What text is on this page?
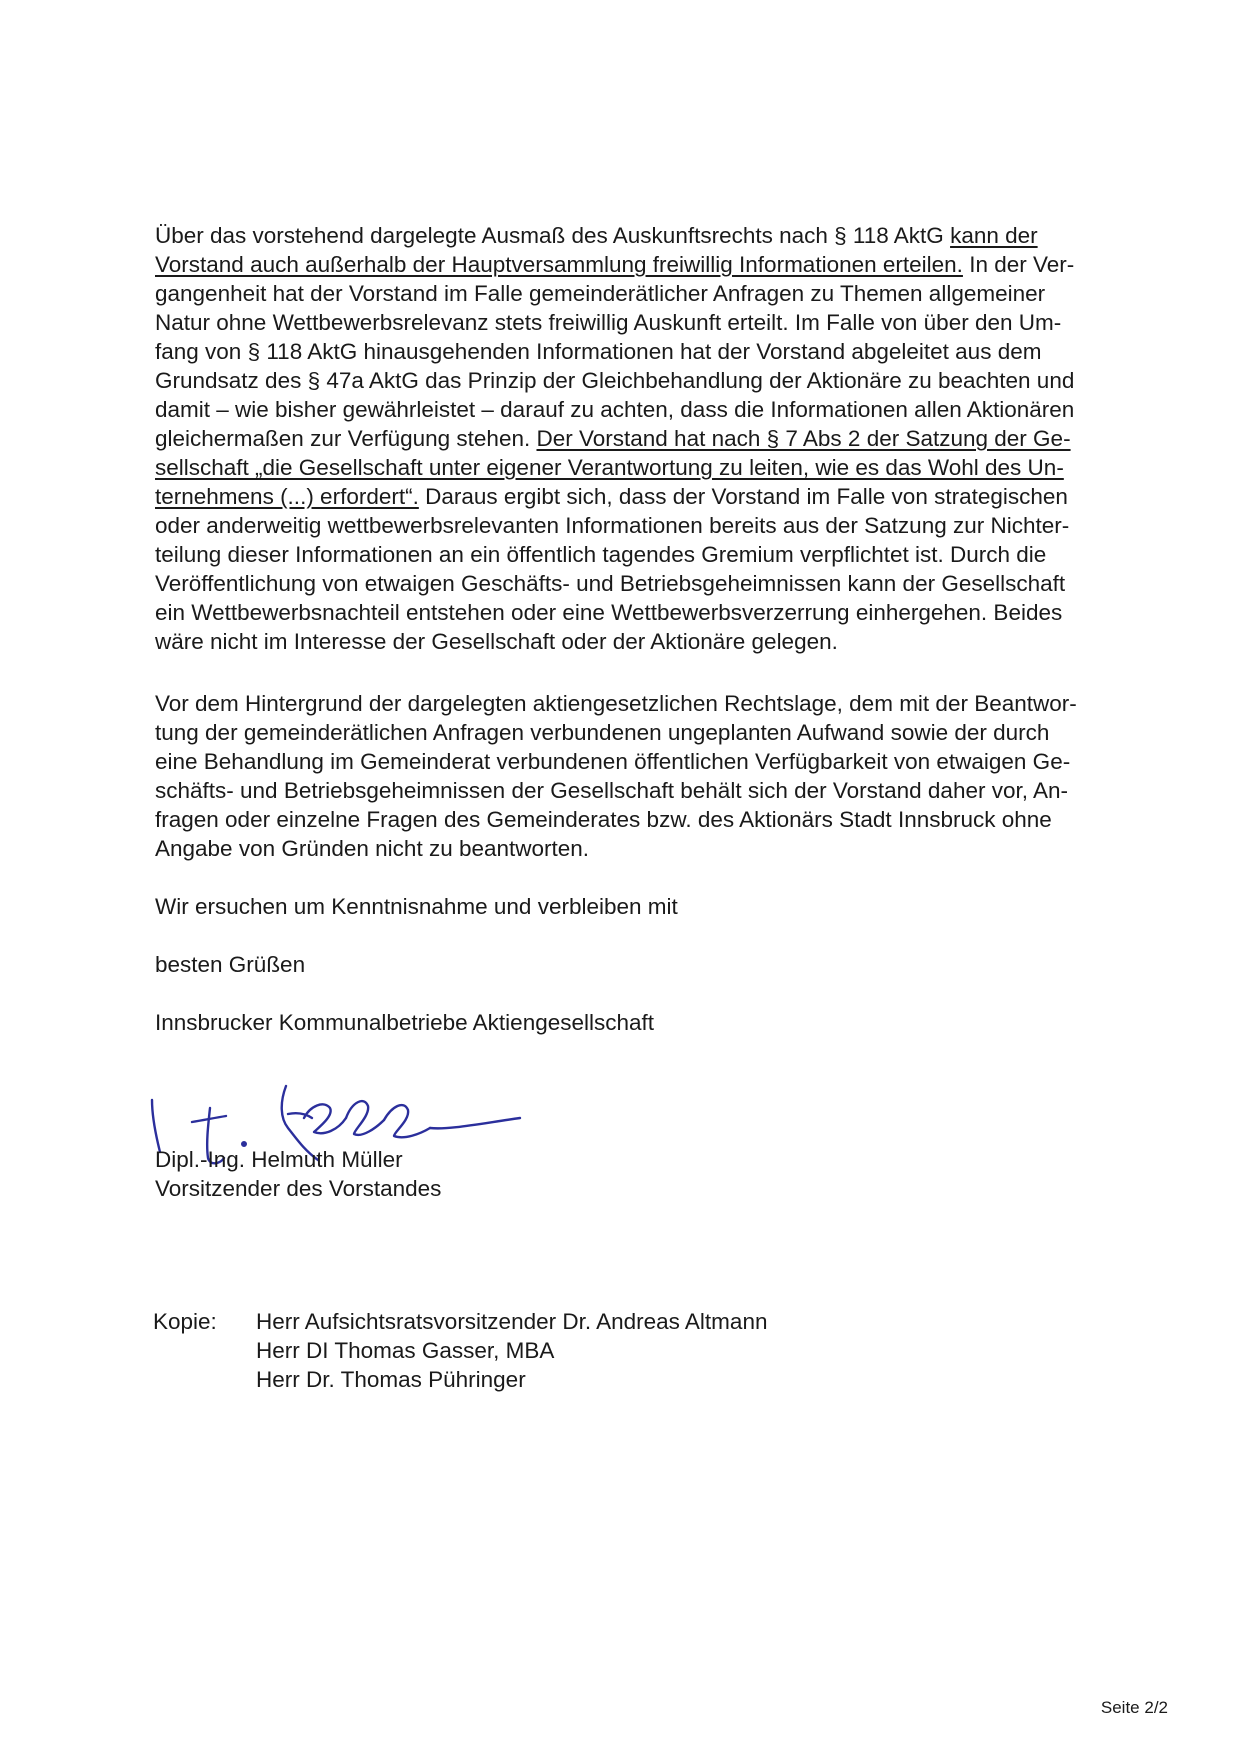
Über das vorstehend dargelegte Ausmaß des Auskunftsrechts nach § 118 AktG kann der
Vorstand auch außerhalb der Hauptversammlung freiwillig Informationen erteilen. In der Ver-
gangenheit hat der Vorstand im Falle gemeinderätlicher Anfragen zu Themen allgemeiner
Natur ohne Wettbewerbsrelevanz stets freiwillig Auskunft erteilt. Im Falle von über den Um-
fang von § 118 AktG hinausgehenden Informationen hat der Vorstand abgeleitet aus dem
Grundsatz des § 47a AktG das Prinzip der Gleichbehandlung der Aktionäre zu beachten und
damit – wie bisher gewährleistet – darauf zu achten, dass die Informationen allen Aktionären
gleichermaßen zur Verfügung stehen. Der Vorstand hat nach § 7 Abs 2 der Satzung der Ge-
sellschaft „die Gesellschaft unter eigener Verantwortung zu leiten, wie es das Wohl des Un-
ternehmens (...) erfordert“. Daraus ergibt sich, dass der Vorstand im Falle von strategischen
oder anderweitig wettbewerbsrelevanten Informationen bereits aus der Satzung zur Nichter-
teilung dieser Informationen an ein öffentlich tagendes Gremium verpflichtet ist. Durch die
Veröffentlichung von etwaigen Geschäfts- und Betriebsgeheimnissen kann der Gesellschaft
ein Wettbewerbsnachteil entstehen oder eine Wettbewerbsverzerrung einhergehen. Beides
wäre nicht im Interesse der Gesellschaft oder der Aktionäre gelegen.
Vor dem Hintergrund der dargelegten aktiengesetzlichen Rechtslage, dem mit der Beantwor-
tung der gemeinderätlichen Anfragen verbundenen ungeplanten Aufwand sowie der durch
eine Behandlung im Gemeinderat verbundenen öffentlichen Verfügbarkeit von etwaigen Ge-
schäfts- und Betriebsgeheimnissen der Gesellschaft behält sich der Vorstand daher vor, An-
fragen oder einzelne Fragen des Gemeinderates bzw. des Aktionärs Stadt Innsbruck ohne
Angabe von Gründen nicht zu beantworten.
Wir ersuchen um Kenntnisnahme und verbleiben mit
besten Grüßen
Innsbrucker Kommunalbetriebe Aktiengesellschaft
Dipl.-Ing. Helmuth Müller
Vorsitzender des Vorstandes
Kopie: Herr Aufsichtsratsvorsitzender Dr. Andreas Altmann
Herr DI Thomas Gasser, MBA
Herr Dr. Thomas Pühringer
Seite 2/2
